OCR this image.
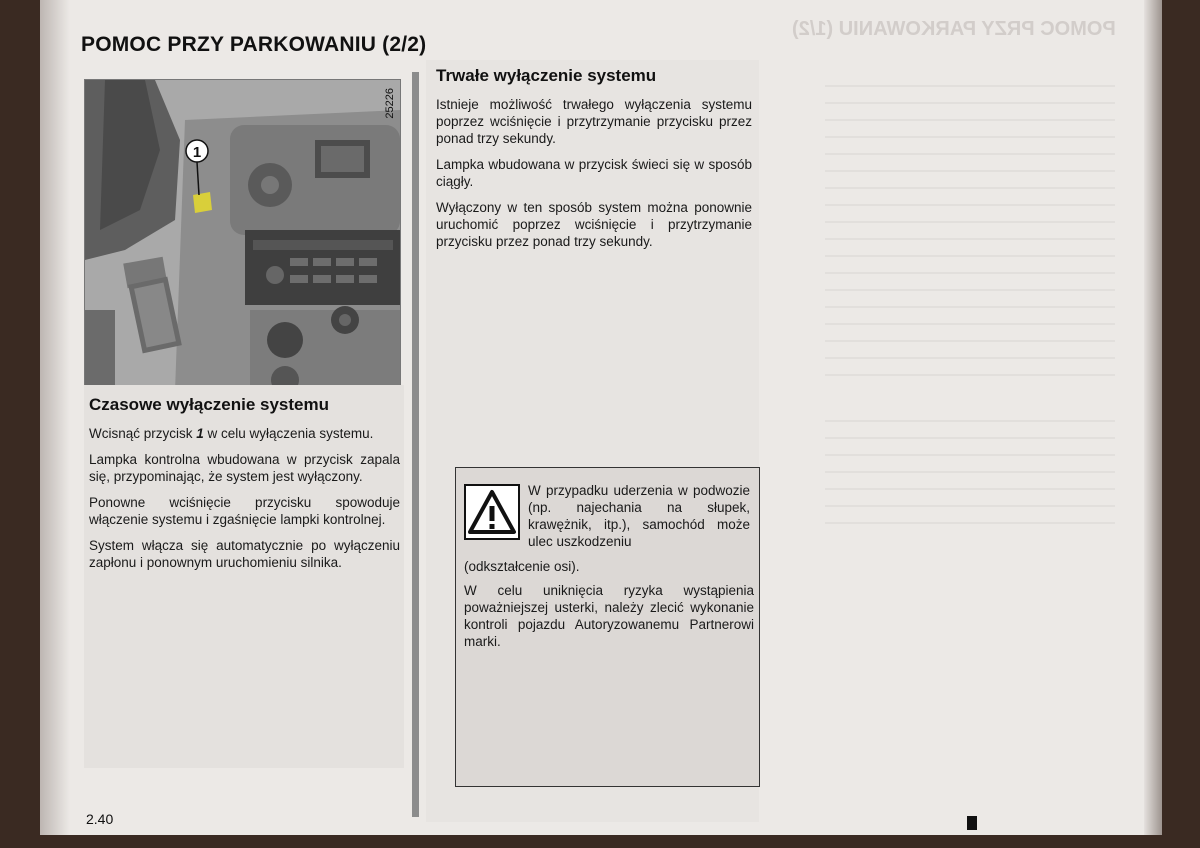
POMOC PRZY PARKOWANIU (1/2)
POMOC PRZY PARKOWANIU (2/2)
1
25226
Czasowe wyłączenie systemu

Wcisnąć przycisk 1 w celu wyłączenia systemu.

Lampka kontrolna wbudowana w przycisk zapala się, przypominając, że system jest wyłączony.

Ponowne wciśnięcie przycisku spowoduje włączenie systemu i zgaśnięcie lampki kontrolnej.

System włącza się automatycznie po wyłączeniu zapłonu i ponownym uruchomieniu silnika.

Trwałe wyłączenie systemu

Istnieje możliwość trwałego wyłączenia systemu poprzez wciśnięcie i przytrzymanie przycisku przez ponad trzy sekundy.

Lampka wbudowana w przycisk świeci się w sposób ciągły.

Wyłączony w ten sposób system można ponownie uruchomić poprzez wciśnięcie i przytrzymanie przycisku przez ponad trzy sekundy.

W przypadku uderzenia w podwozie (np. najechania na słupek, krawężnik, itp.), samochód może ulec uszkodzeniu

(odkształcenie osi).

W celu uniknięcia ryzyka wystąpienia poważniejszej usterki, należy zlecić wykonanie kontroli pojazdu Autoryzowanemu Partnerowi marki.

2.40
